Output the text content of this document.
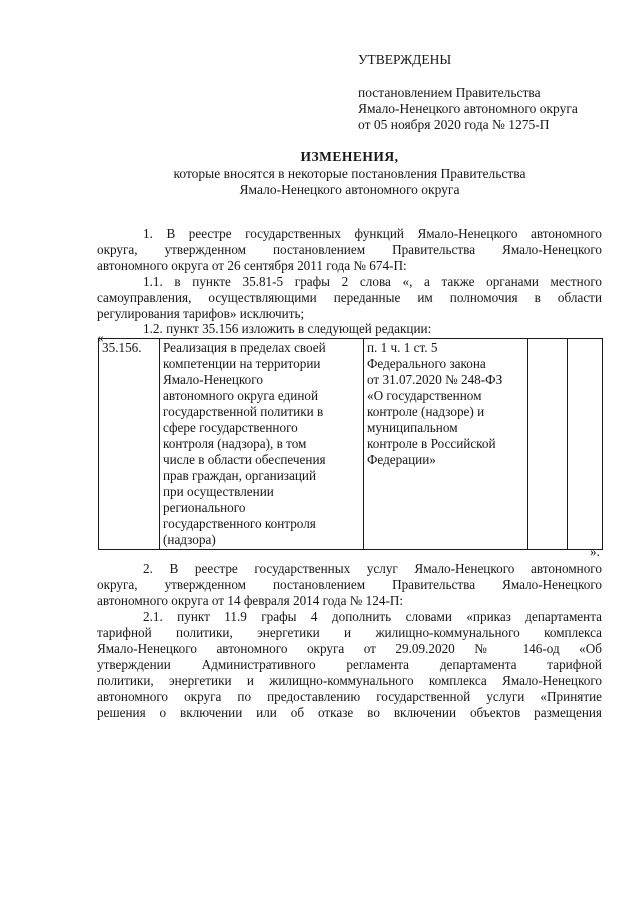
УТВЕРЖДЕНЫ
постановлением Правительства
Ямало-Ненецкого автономного округа
от 05 ноября 2020 года № 1275-П
ИЗМЕНЕНИЯ,
которые вносятся в некоторые постановления Правительства
Ямало-Ненецкого автономного округа
1. В реестре государственных функций Ямало-Ненецкого автономного
округа, утвержденном постановлением Правительства Ямало-Ненецкого
автономного округа от 26 сентября 2011 года № 674-П:
1.1. в пункте 35.81-5 графы 2 слова «, а также органами местного
самоуправления, осуществляющими переданные им полномочия в области
регулирования тарифов» исключить;
1.2. пункт 35.156 изложить в следующей редакции:
«
35.156.	Реализация в пределах своей
компетенции на территории
Ямало-Ненецкого
автономного округа единой
государственной политики в
сфере государственного
контроля (надзора), в том
числе в области обеспечения
прав граждан, организаций
при осуществлении
регионального
государственного контроля
(надзора)

п. 1 ч. 1 ст. 5
Федерального закона
от 31.07.2020 № 248-ФЗ
«О государственном
контроле (надзоре) и
муниципальном
контроле в Российской
Федерации»

».
2. В реестре государственных услуг Ямало-Ненецкого автономного
округа, утвержденном постановлением Правительства Ямало-Ненецкого
автономного округа от 14 февраля 2014 года № 124-П:
2.1. пункт 11.9 графы 4 дополнить словами «приказ департамента
тарифной политики, энергетики и жилищно-коммунального комплекса
Ямало-Ненецкого автономного округа от 29.09.2020 № 146-од «Об
утверждении Административного регламента департамента тарифной
политики, энергетики и жилищно-коммунального комплекса Ямало-Ненецкого
автономного округа по предоставлению государственной услуги «Принятие
решения о включении или об отказе во включении объектов размещения
